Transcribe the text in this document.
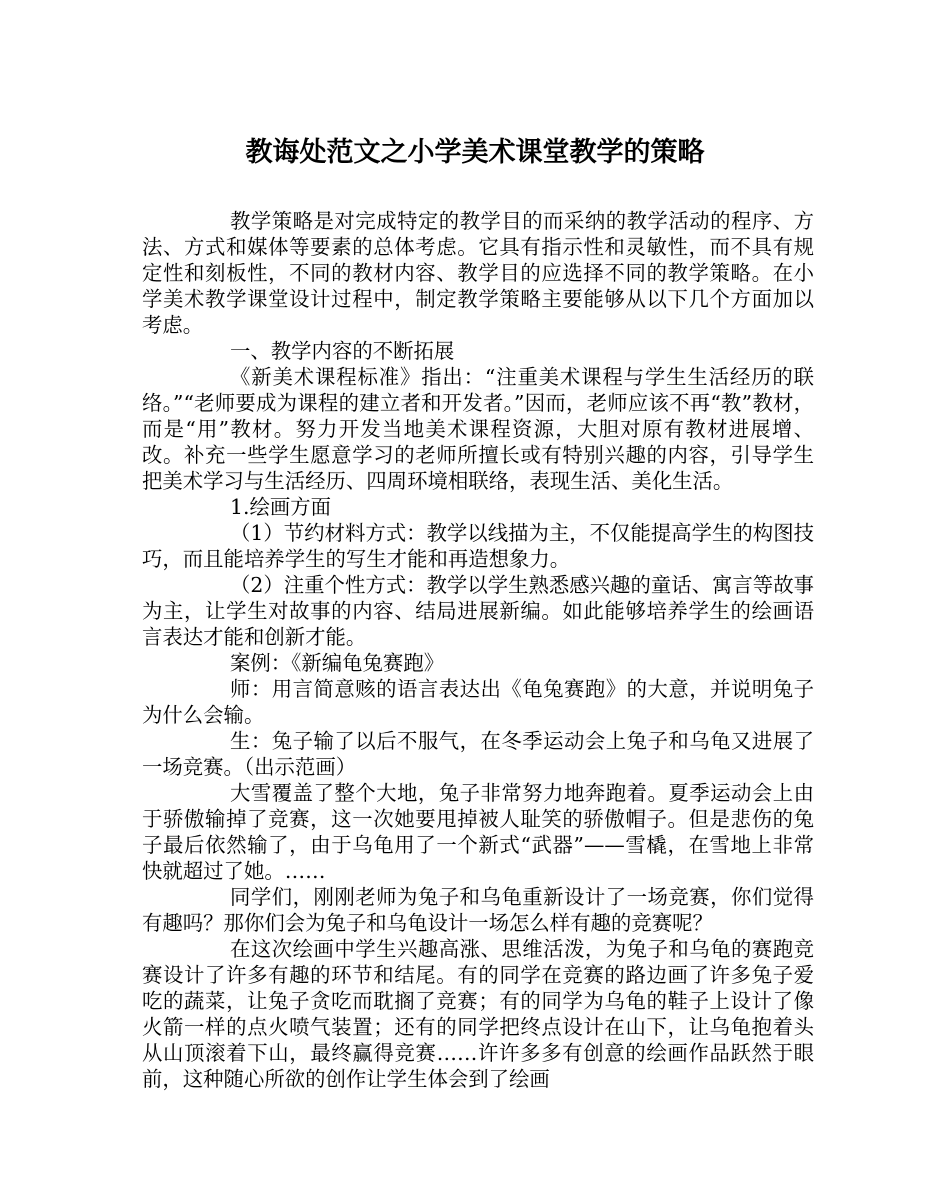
教诲处范文之小学美术课堂教学的策略

教学策略是对完成特定的教学目的而采纳的教学活动的程序、方法、方式和媒体等要素的总体考虑。它具有指示性和灵敏性，而不具有规定性和刻板性，不同的教材内容、教学目的应选择不同的教学策略。在小学美术教学课堂设计过程中，制定教学策略主要能够从以下几个方面加以考虑。

一、教学内容的不断拓展

《新美术课程标准》指出：“注重美术课程与学生生活经历的联络。”“老师要成为课程的建立者和开发者。”因而，老师应该不再“教”教材，而是“用”教材。努力开发当地美术课程资源，大胆对原有教材进展增、改。补充一些学生愿意学习的老师所擅长或有特别兴趣的内容，引导学生把美术学习与生活经历、四周环境相联络，表现生活、美化生活。

1.绘画方面

（1）节约材料方式：教学以线描为主，不仅能提高学生的构图技巧，而且能培养学生的写生才能和再造想象力。

（2）注重个性方式：教学以学生熟悉感兴趣的童话、寓言等故事为主，让学生对故事的内容、结局进展新编。如此能够培养学生的绘画语言表达才能和创新才能。

案例：《新编龟兔赛跑》

师：用言简意赅的语言表达出《龟兔赛跑》的大意，并说明兔子为什么会输。

生：兔子输了以后不服气，在冬季运动会上兔子和乌龟又进展了一场竞赛。（出示范画）

大雪覆盖了整个大地，兔子非常努力地奔跑着。夏季运动会上由于骄傲输掉了竞赛，这一次她要甩掉被人耻笑的骄傲帽子。但是悲伤的兔子最后依然输了，由于乌龟用了一个新式“武器”——雪橇，在雪地上非常快就超过了她。……

同学们，刚刚老师为兔子和乌龟重新设计了一场竞赛，你们觉得有趣吗？那你们会为兔子和乌龟设计一场怎么样有趣的竞赛呢？

在这次绘画中学生兴趣高涨、思维活泼，为兔子和乌龟的赛跑竞赛设计了许多有趣的环节和结尾。有的同学在竞赛的路边画了许多兔子爱吃的蔬菜，让兔子贪吃而耽搁了竞赛；有的同学为乌龟的鞋子上设计了像火箭一样的点火喷气装置；还有的同学把终点设计在山下，让乌龟抱着头从山顶滚着下山，最终赢得竞赛……许许多多有创意的绘画作品跃然于眼前，这种随心所欲的创作让学生体会到了绘画
